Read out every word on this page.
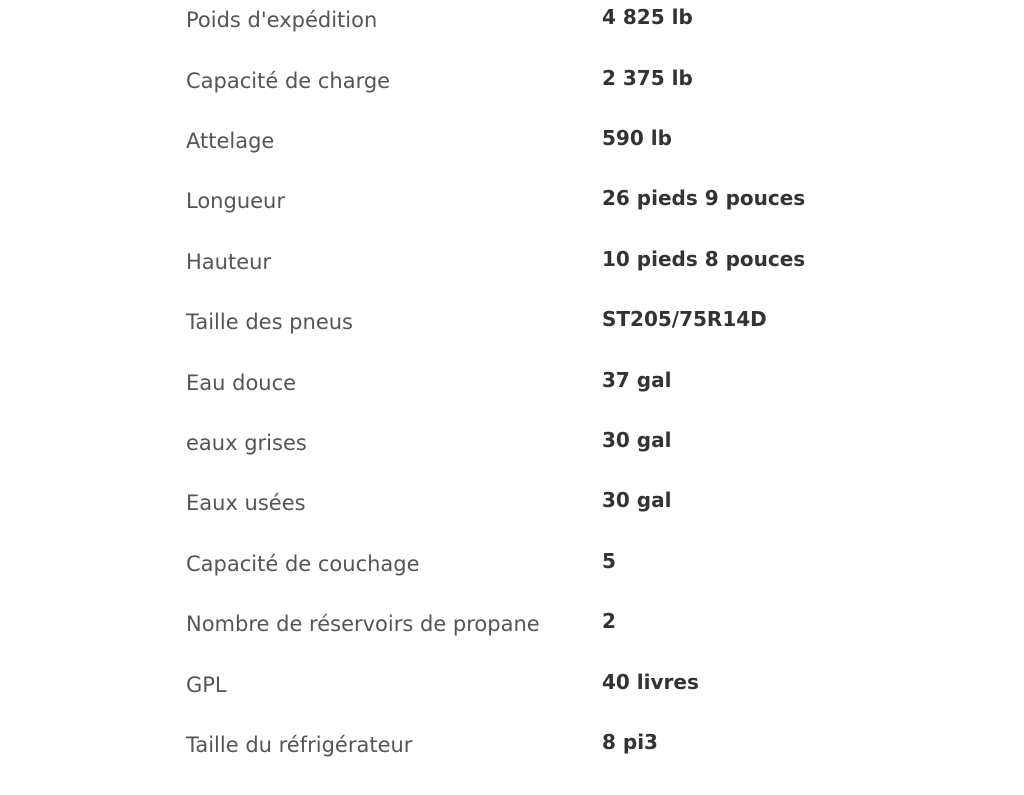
Poids d'expédition	4 825 lb
Capacité de charge	2 375 lb
Attelage	590 lb
Longueur	26 pieds 9 pouces
Hauteur	10 pieds 8 pouces
Taille des pneus	ST205/75R14D
Eau douce	37 gal
eaux grises	30 gal
Eaux usées	30 gal
Capacité de couchage	5
Nombre de réservoirs de propane	2
GPL	40 livres
Taille du réfrigérateur	8 pi3
